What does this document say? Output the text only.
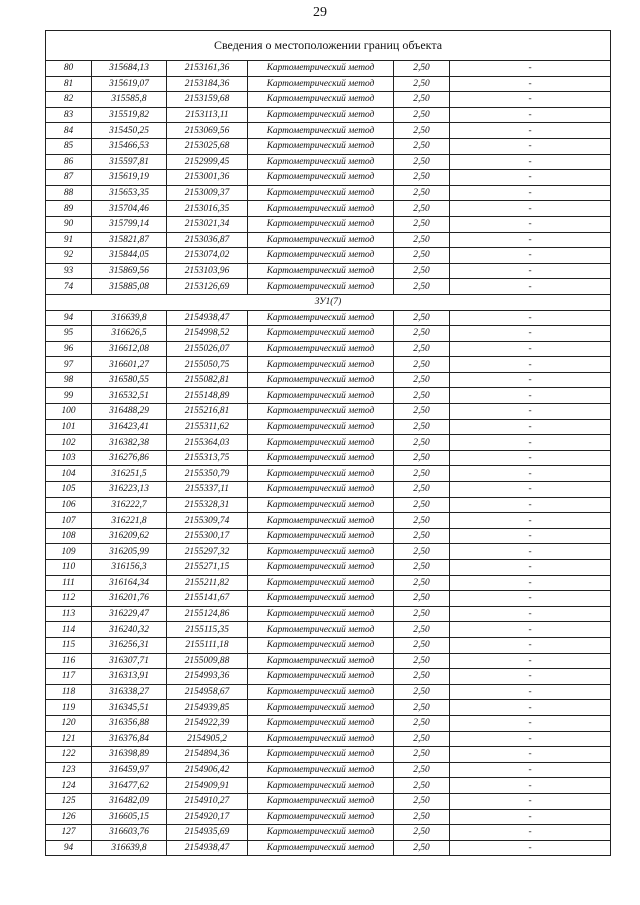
29
Сведения о местоположении границ объекта					
80	315684,13	2153161,36	Картометрический метод	2,50	-
81	315619,07	2153184,36	Картометрический метод	2,50	-
82	315585,8	2153159,68	Картометрический метод	2,50	-
83	315519,82	2153113,11	Картометрический метод	2,50	-
84	315450,25	2153069,56	Картометрический метод	2,50	-
85	315466,53	2153025,68	Картометрический метод	2,50	-
86	315597,81	2152999,45	Картометрический метод	2,50	-
87	315619,19	2153001,36	Картометрический метод	2,50	-
88	315653,35	2153009,37	Картометрический метод	2,50	-
89	315704,46	2153016,35	Картометрический метод	2,50	-
90	315799,14	2153021,34	Картометрический метод	2,50	-
91	315821,87	2153036,87	Картометрический метод	2,50	-
92	315844,05	2153074,02	Картометрический метод	2,50	-
93	315869,56	2153103,96	Картометрический метод	2,50	-
74	315885,08	2153126,69	Картометрический метод	2,50	-
ЗУ1(7)					
94	316639,8	2154938,47	Картометрический метод	2,50	-
95	316626,5	2154998,52	Картометрический метод	2,50	-
96	316612,08	2155026,07	Картометрический метод	2,50	-
97	316601,27	2155050,75	Картометрический метод	2,50	-
98	316580,55	2155082,81	Картометрический метод	2,50	-
99	316532,51	2155148,89	Картометрический метод	2,50	-
100	316488,29	2155216,81	Картометрический метод	2,50	-
101	316423,41	2155311,62	Картометрический метод	2,50	-
102	316382,38	2155364,03	Картометрический метод	2,50	-
103	316276,86	2155313,75	Картометрический метод	2,50	-
104	316251,5	2155350,79	Картометрический метод	2,50	-
105	316223,13	2155337,11	Картометрический метод	2,50	-
106	316222,7	2155328,31	Картометрический метод	2,50	-
107	316221,8	2155309,74	Картометрический метод	2,50	-
108	316209,62	2155300,17	Картометрический метод	2,50	-
109	316205,99	2155297,32	Картометрический метод	2,50	-
110	316156,3	2155271,15	Картометрический метод	2,50	-
111	316164,34	2155211,82	Картометрический метод	2,50	-
112	316201,76	2155141,67	Картометрический метод	2,50	-
113	316229,47	2155124,86	Картометрический метод	2,50	-
114	316240,32	2155115,35	Картометрический метод	2,50	-
115	316256,31	2155111,18	Картометрический метод	2,50	-
116	316307,71	2155009,88	Картометрический метод	2,50	-
117	316313,91	2154993,36	Картометрический метод	2,50	-
118	316338,27	2154958,67	Картометрический метод	2,50	-
119	316345,51	2154939,85	Картометрический метод	2,50	-
120	316356,88	2154922,39	Картометрический метод	2,50	-
121	316376,84	2154905,2	Картометрический метод	2,50	-
122	316398,89	2154894,36	Картометрический метод	2,50	-
123	316459,97	2154906,42	Картометрический метод	2,50	-
124	316477,62	2154909,91	Картометрический метод	2,50	-
125	316482,09	2154910,27	Картометрический метод	2,50	-
126	316605,15	2154920,17	Картометрический метод	2,50	-
127	316603,76	2154935,69	Картометрический метод	2,50	-
94	316639,8	2154938,47	Картометрический метод	2,50	-
